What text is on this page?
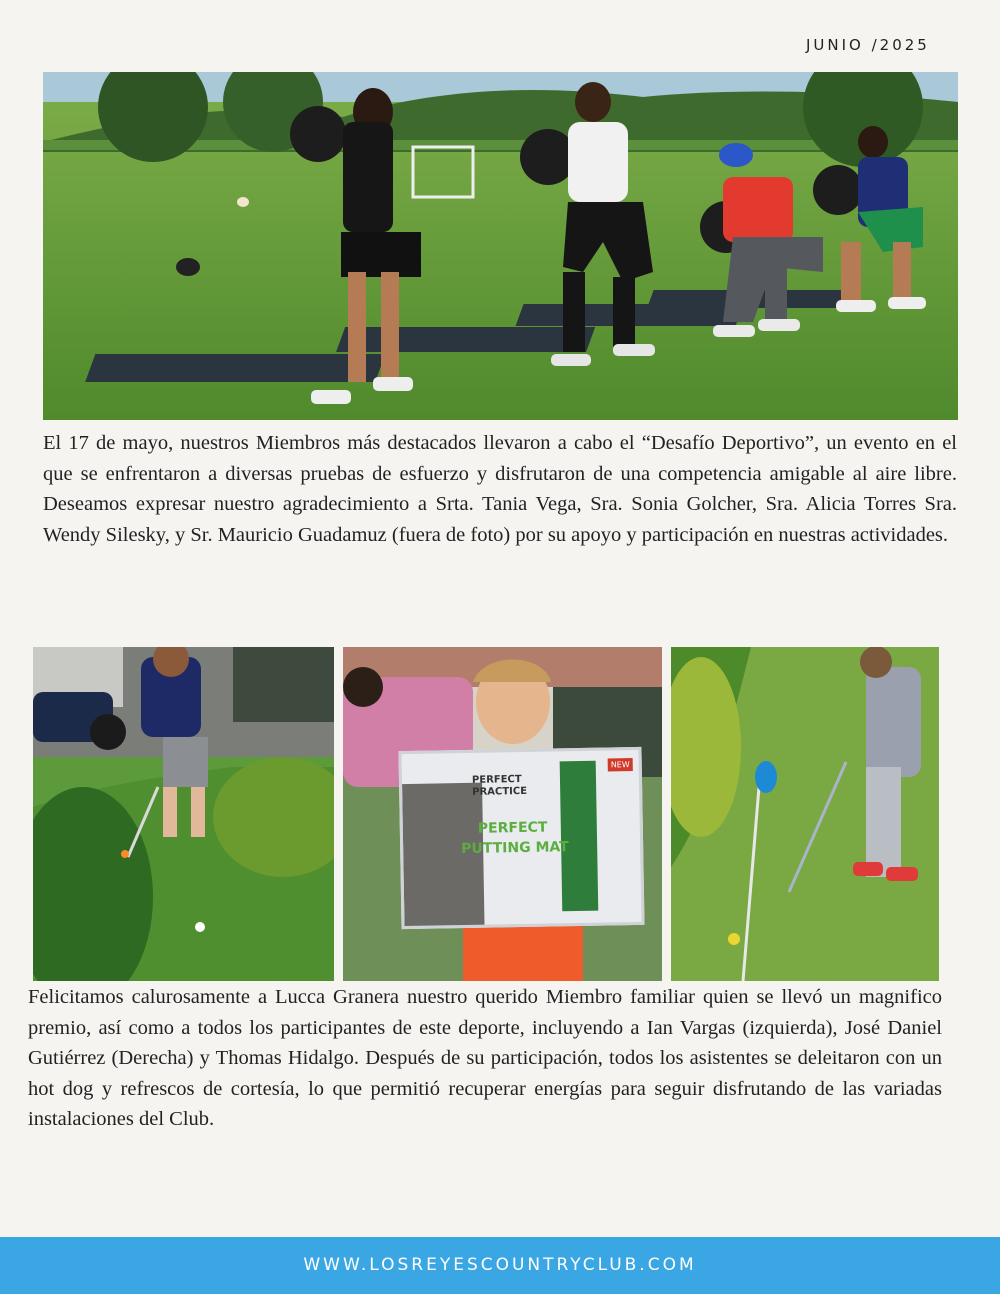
JUNIO /2025

El 17 de mayo, nuestros Miembros más destacados llevaron a cabo el “Desafío Deportivo”, un evento en el que se enfrentaron a diversas pruebas de esfuerzo y disfrutaron de una competencia amigable al aire libre. Deseamos expresar nuestro agradecimiento a Srta. Tania Vega, Sra. Sonia Golcher, Sra. Alicia Torres Sra. Wendy Silesky, y Sr. Mauricio Guadamuz (fuera de foto) por su apoyo y participación en nuestras actividades.

PERFECT
PRACTICE
PERFECT
PUTTING MAT
NEW

Felicitamos calurosamente a Lucca Granera nuestro querido Miembro familiar quien se llevó un magnifico premio, así como a todos los participantes de este deporte, incluyendo a Ian Vargas (izquierda), José Daniel Gutiérrez (Derecha) y Thomas Hidalgo. Después de su participación, todos los asistentes se deleitaron con un hot dog y refrescos de cortesía, lo que permitió recuperar energías para seguir disfrutando de las variadas instalaciones del Club.

WWW.LOSREYESCOUNTRYCLUB.COM
